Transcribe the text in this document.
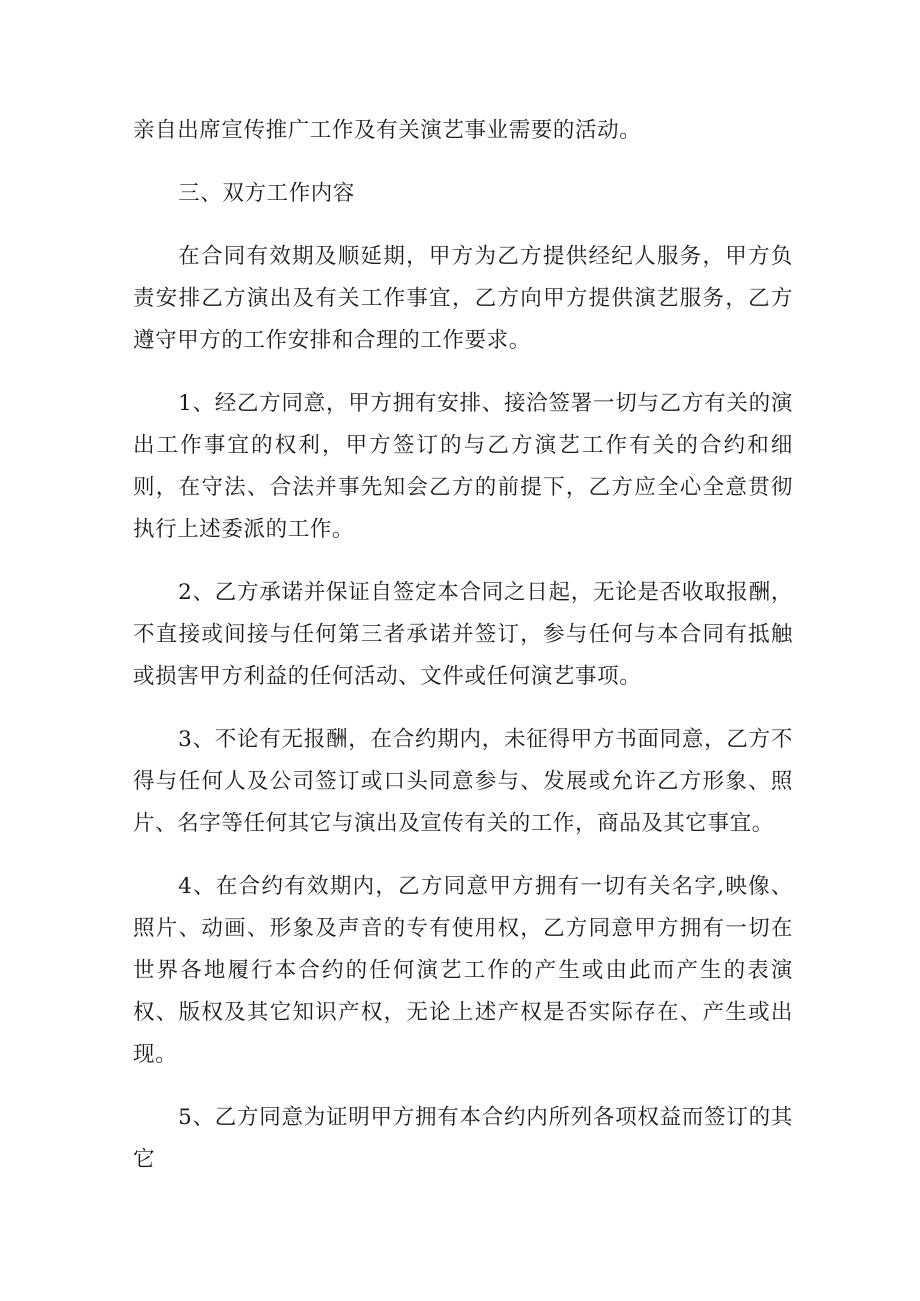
亲自出席宣传推广工作及有关演艺事业需要的活动。

三、双方工作内容

在合同有效期及顺延期，甲方为乙方提供经纪人服务，甲方负责安排乙方演出及有关工作事宜，乙方向甲方提供演艺服务，乙方遵守甲方的工作安排和合理的工作要求。

1、经乙方同意，甲方拥有安排、接洽签署一切与乙方有关的演出工作事宜的权利，甲方签订的与乙方演艺工作有关的合约和细则，在守法、合法并事先知会乙方的前提下，乙方应全心全意贯彻执行上述委派的工作。

2、乙方承诺并保证自签定本合同之日起，无论是否收取报酬，不直接或间接与任何第三者承诺并签订，参与任何与本合同有抵触或损害甲方利益的任何活动、文件或任何演艺事项。

3、不论有无报酬，在合约期内，未征得甲方书面同意，乙方不得与任何人及公司签订或口头同意参与、发展或允许乙方形象、照片、名字等任何其它与演出及宣传有关的工作，商品及其它事宜。

4、在合约有效期内，乙方同意甲方拥有一切有关名字,映像、照片、动画、形象及声音的专有使用权，乙方同意甲方拥有一切在世界各地履行本合约的任何演艺工作的产生或由此而产生的表演权、版权及其它知识产权，无论上述产权是否实际存在、产生或出现。

5、乙方同意为证明甲方拥有本合约内所列各项权益而签订的其它
